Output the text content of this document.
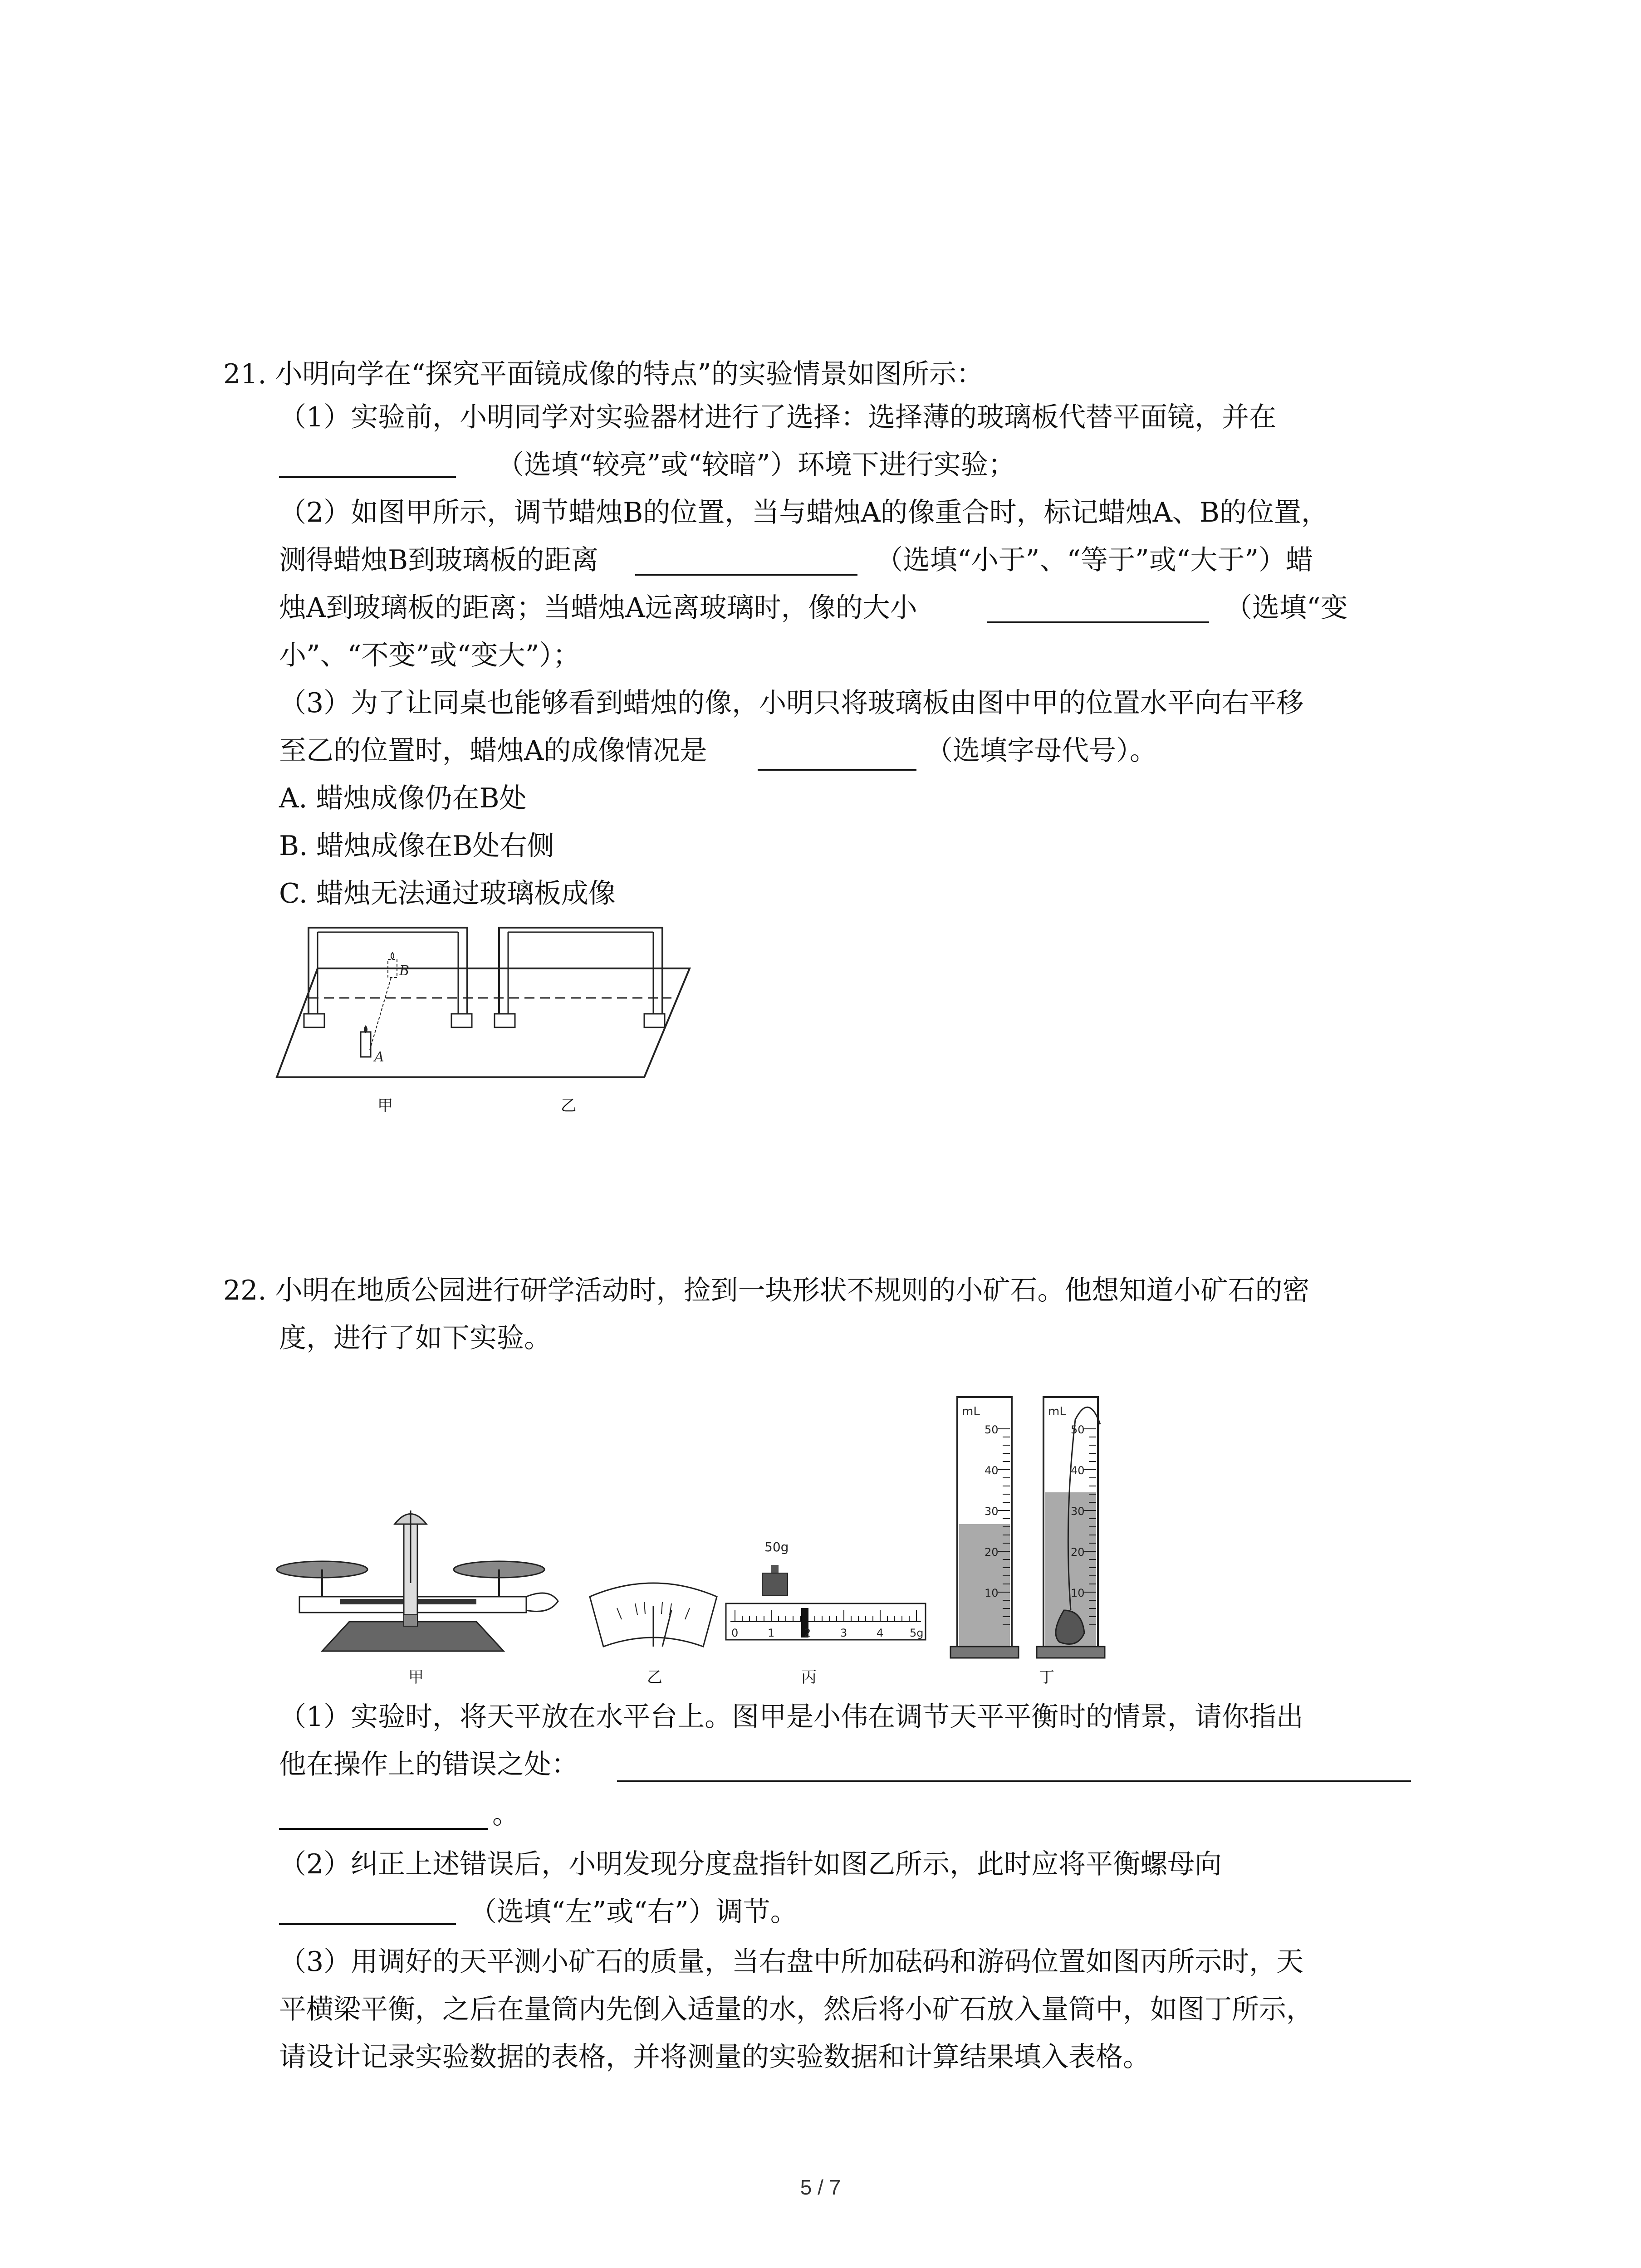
21. 小明向学在“探究平面镜成像的特点”的实验情景如图所示：
（1）实验前，小明同学对实验器材进行了选择：选择薄的玻璃板代替平面镜，并在
（选填“较亮”或“较暗”）环境下进行实验；
（2）如图甲所示，调节蜡烛B的位置，当与蜡烛A的像重合时，标记蜡烛A、B的位置，
测得蜡烛B到玻璃板的距离	（选填“小于”、“等于”或“大于”）蜡
烛A到玻璃板的距离；当蜡烛A远离玻璃时，像的大小	（选填“变
小”、“不变”或“变大”）；
（3）为了让同桌也能够看到蜡烛的像，小明只将玻璃板由图中甲的位置水平向右平移
至乙的位置时，蜡烛A的成像情况是	（选填字母代号）。
A. 蜡烛成像仍在B处
B. 蜡烛成像在B处右侧
C. 蜡烛无法通过玻璃板成像
A
B
甲	乙
22. 小明在地质公园进行研学活动时，捡到一块形状不规则的小矿石。他想知道小矿石的密
度，进行了如下实验。
50g
0	1	2	3	4 5g
mL
50
40
30
20
10
mL
50
40
30
20
10
甲	乙	丙	丁
（1）实验时，将天平放在水平台上。图甲是小伟在调节天平平衡时的情景，请你指出
他在操作上的错误之处：
。
（2）纠正上述错误后，小明发现分度盘指针如图乙所示，此时应将平衡螺母向
（选填“左”或“右”）调节。
（3）用调好的天平测小矿石的质量，当右盘中所加砝码和游码位置如图丙所示时，天
平横梁平衡，之后在量筒内先倒入适量的水，然后将小矿石放入量筒中，如图丁所示，
请设计记录实验数据的表格，并将测量的实验数据和计算结果填入表格。
5 / 7
